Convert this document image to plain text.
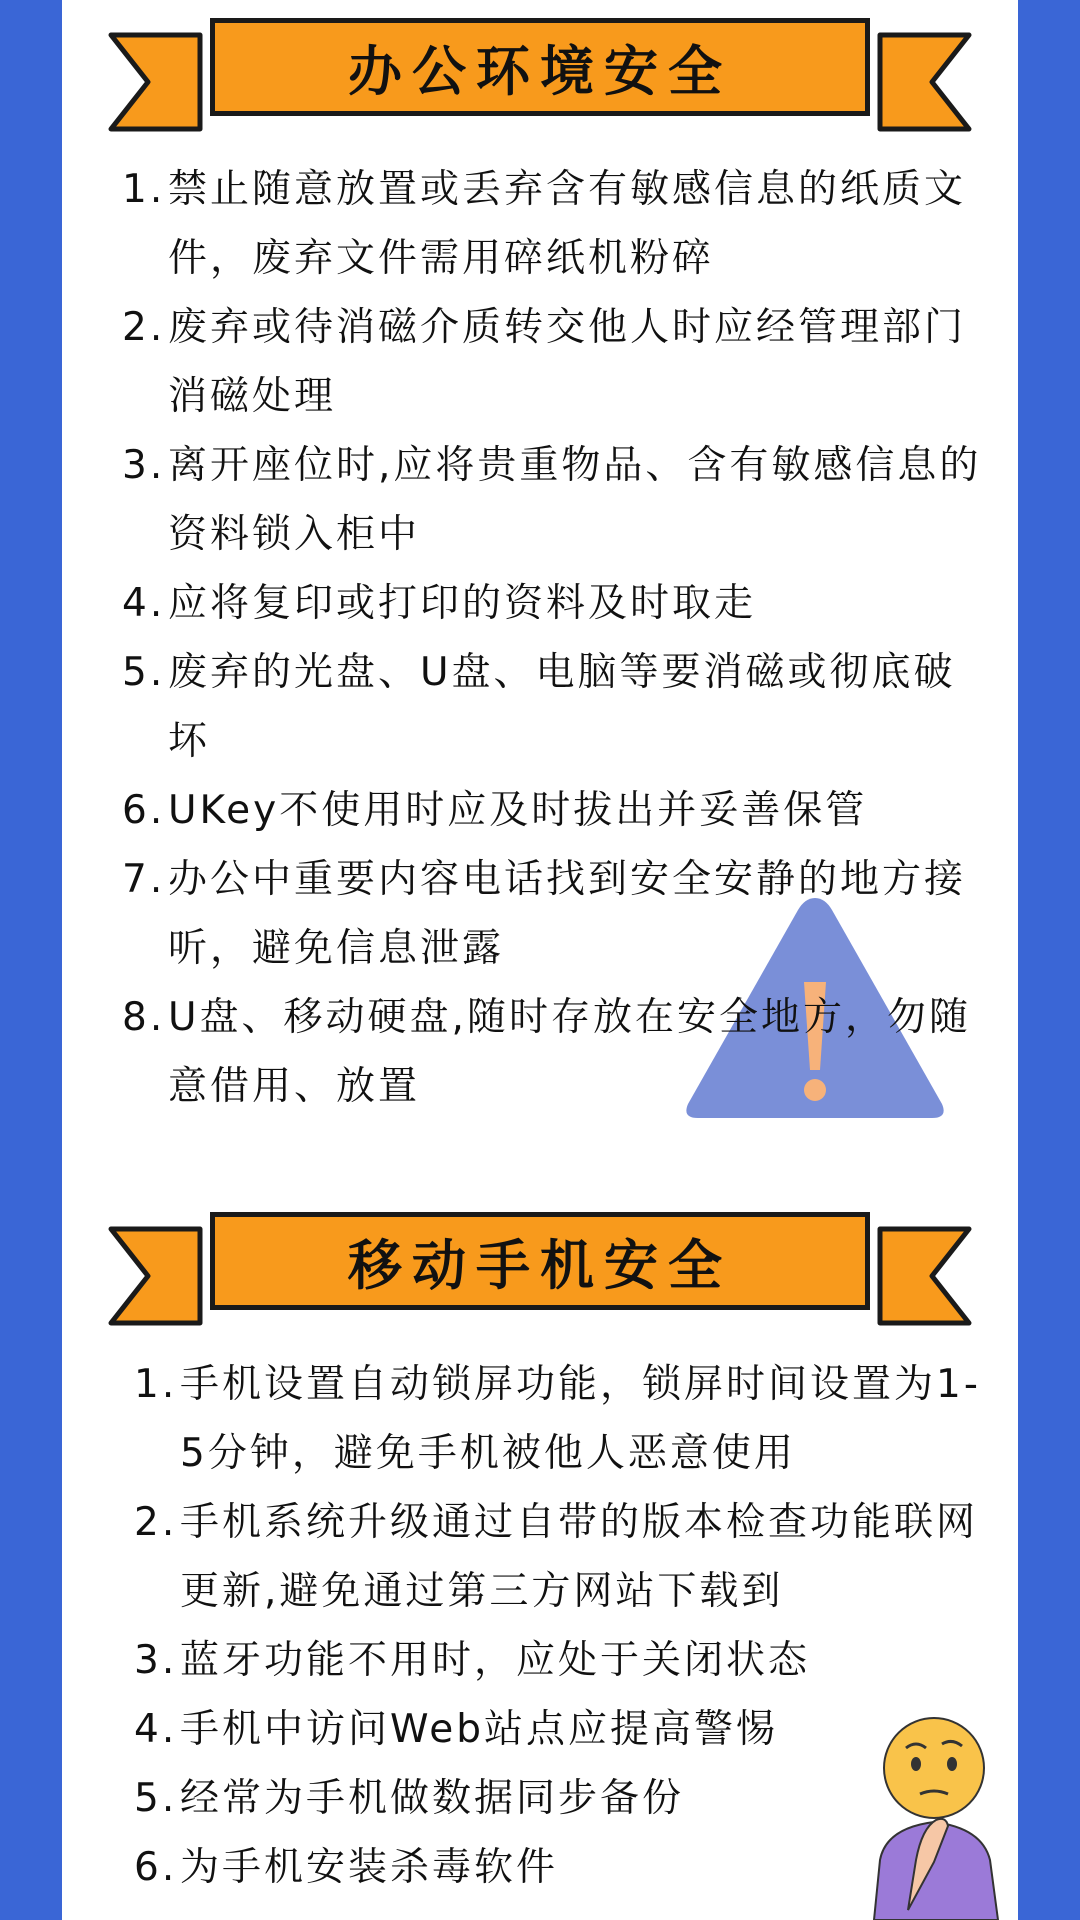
办公环境安全
1. 禁止随意放置或丢弃含有敏感信息的纸质文件，废弃文件需用碎纸机粉碎
2. 废弃或待消磁介质转交他人时应经管理部门消磁处理
3. 离开座位时,应将贵重物品、含有敏感信息的资料锁入柜中
4. 应将复印或打印的资料及时取走
5. 废弃的光盘、U盘、电脑等要消磁或彻底破坏
6. UKey不使用时应及时拔出并妥善保管
7. 办公中重要内容电话找到安全安静的地方接听，避免信息泄露
8. U盘、移动硬盘,随时存放在安全地方，勿随意借用、放置
移动手机安全
1. 手机设置自动锁屏功能，锁屏时间设置为1-5分钟，避免手机被他人恶意使用
2. 手机系统升级通过自带的版本检查功能联网更新,避免通过第三方网站下载到
3. 蓝牙功能不用时，应处于关闭状态
4. 手机中访问Web站点应提高警惕
5. 经常为手机做数据同步备份
6. 为手机安装杀毒软件
